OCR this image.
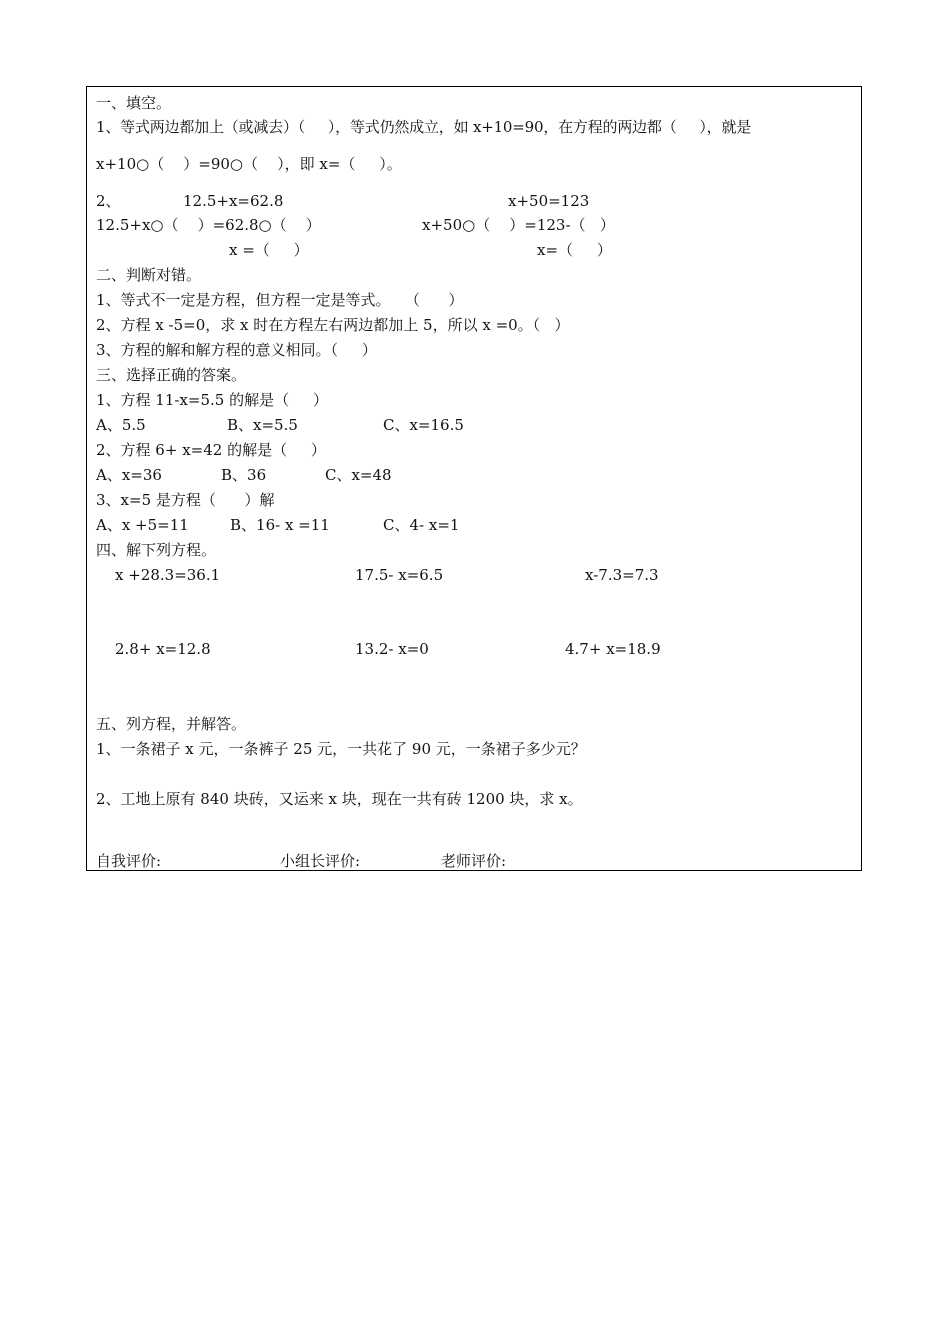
一、填空。
1、等式两边都加上（或减去）（     ），等式仍然成立，如 x+10=90，在方程的两边都（     ），就是
x+10○（    ）=90○（    ），即 x=（     ）。
2、	12.5+x=62.8	x+50=123
12.5+x○（    ）=62.8○（    ）	x+50○（    ）=123-（   ）
x =（     ）	x=（     ）
二、判断对错。
1、等式不一定是方程，但方程一定是等式。   （      ）
2、方程 x -5=0，求 x 时在方程左右两边都加上 5，所以 x =0。（   ）
3、方程的解和解方程的意义相同。（     ）
三、选择正确的答案。
1、方程 11-x=5.5 的解是（     ）
A、5.5	B、x=5.5	C、x=16.5
2、方程 6+ x=42 的解是（     ）
A、x=36	B、36	C、x=48
3、x=5 是方程（      ）解
A、x +5=11	B、16- x =11	C、4- x=1
四、解下列方程。
x +28.3=36.1	17.5- x=6.5	x-7.3=7.3
2.8+ x=12.8	13.2- x=0	4.7+ x=18.9
五、列方程，并解答。
1、一条裙子 x 元，一条裤子 25 元，一共花了 90 元，一条裙子多少元？
2、工地上原有 840 块砖，又运来 x 块，现在一共有砖 1200 块，求 x。
自我评价:	小组长评价:	老师评价:
